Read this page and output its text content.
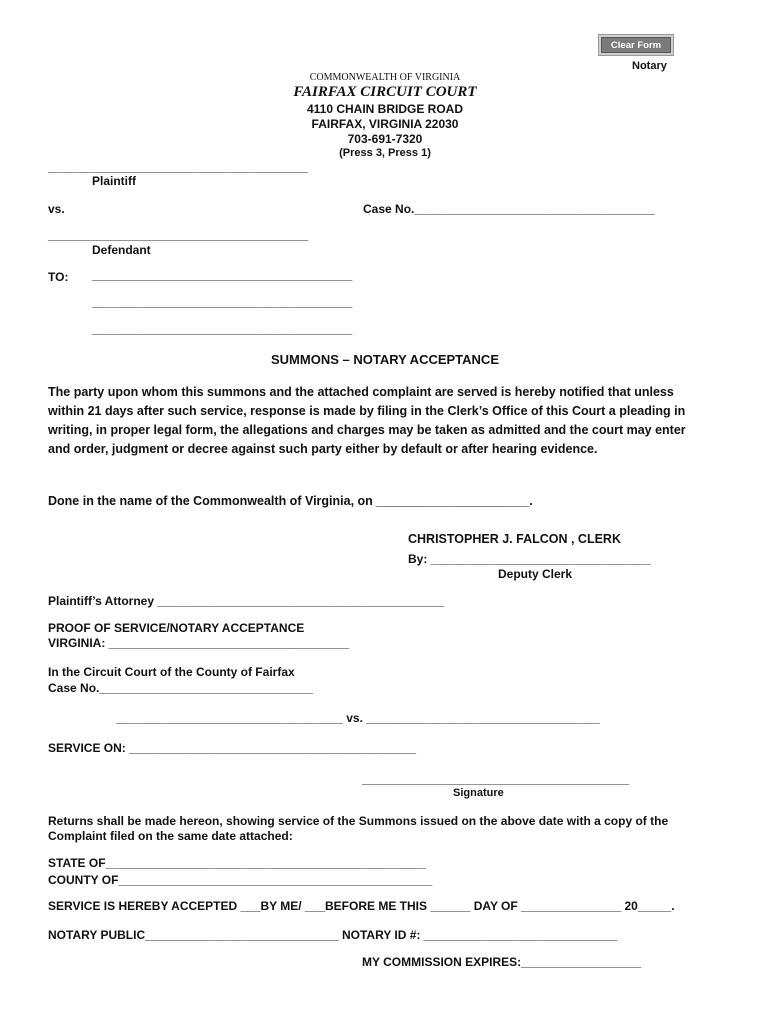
Clear Form
Notary
COMMONWEALTH OF VIRGINIA
FAIRFAX CIRCUIT COURT
4110 CHAIN BRIDGE ROAD
FAIRFAX, VIRGINIA 22030
703-691-7320
(Press 3, Press 1)
_______________________________________
Plaintiff
vs.	Case No.____________________________________
_______________________________________
Defendant
TO: _______________________________________
_______________________________________
_______________________________________
SUMMONS – NOTARY ACCEPTANCE
The party upon whom this summons and the attached complaint are served is hereby notified that unless within 21 days after such service, response is made by filing in the Clerk’s Office of this Court a pleading in writing, in proper legal form, the allegations and charges may be taken as admitted and the court may enter and order, judgment or decree against such party either by default or after hearing evidence.
Done in the name of the Commonwealth of Virginia, on ______________________.
CHRISTOPHER J. FALCON , CLERK
By: _________________________________
Deputy Clerk
Plaintiff’s Attorney ___________________________________________
PROOF OF SERVICE/NOTARY ACCEPTANCE
VIRGINIA: ____________________________________
In the Circuit Court of the County of Fairfax
Case No.________________________________
__________________________________ vs. ___________________________________
SERVICE ON: ___________________________________________
________________________________________
Signature
Returns shall be made hereon, showing service of the Summons issued on the above date with a copy of the Complaint filed on the same date attached:
STATE OF________________________________________________
COUNTY OF_______________________________________________
SERVICE IS HEREBY ACCEPTED ___BY ME/ ___BEFORE ME THIS ______ DAY OF _______________ 20_____.
NOTARY PUBLIC_____________________________ NOTARY ID #: _____________________________
MY COMMISSION EXPIRES:__________________
